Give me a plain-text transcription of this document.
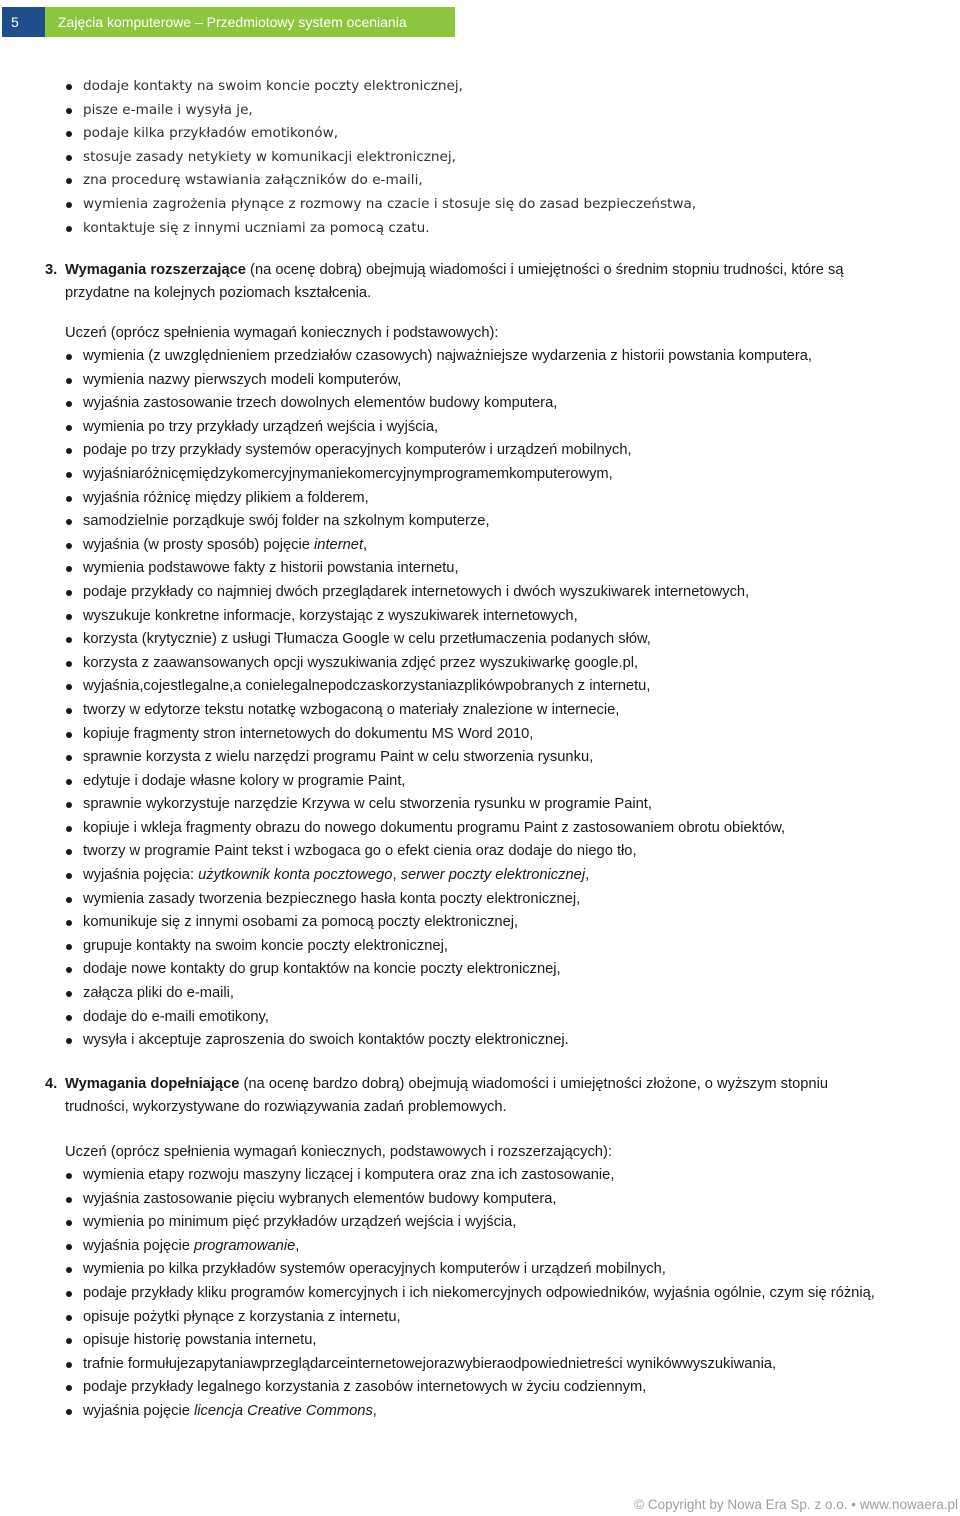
5	Zajęcia komputerowe – Przedmiotowy system oceniania
dodaje kontakty na swoim koncie poczty elektronicznej,
pisze e-maile i wysyła je,
podaje kilka przykładów emotikonów,
stosuje zasady netykiety w komunikacji elektronicznej,
zna procedurę wstawiania załączników do e-maili,
wymienia zagrożenia płynące z rozmowy na czacie i stosuje się do zasad bezpieczeństwa,
kontaktuje się z innymi uczniami za pomocą czatu.
3. Wymagania rozszerzające (na ocenę dobrą) obejmują wiadomości i umiejętności o średnim stopniu trudności, które są
przydatne na kolejnych poziomach kształcenia.
Uczeń (oprócz spełnienia wymagań koniecznych i podstawowych):
wymienia (z uwzględnieniem przedziałów czasowych) najważniejsze wydarzenia z historii powstania komputera,
wymienia nazwy pierwszych modeli komputerów,
wyjaśnia zastosowanie trzech dowolnych elementów budowy komputera,
wymienia po trzy przykłady urządzeń wejścia i wyjścia,
podaje po trzy przykłady systemów operacyjnych komputerów i urządzeń mobilnych,
wyjaśniaróżnicęmiędzykomercyjnymaniekomercyjnymprogramemkomputerowym,
wyjaśnia różnicę między plikiem a folderem,
samodzielnie porządkuje swój folder na szkolnym komputerze,
wyjaśnia (w prosty sposób) pojęcie internet,
wymienia podstawowe fakty z historii powstania internetu,
podaje przykłady co najmniej dwóch przeglądarek internetowych i dwóch wyszukiwarek internetowych,
wyszukuje konkretne informacje, korzystając z wyszukiwarek internetowych,
korzysta (krytycznie) z usługi Tłumacza Google w celu przetłumaczenia podanych słów,
korzysta z zaawansowanych opcji wyszukiwania zdjęć przez wyszukiwarkę google.pl,
wyjaśnia,cojestlegalne,a conielegalnepodczaskorzystaniazplikówpobranych z internetu,
tworzy w edytorze tekstu notatkę wzbogaconą o materiały znalezione w internecie,
kopiuje fragmenty stron internetowych do dokumentu MS Word 2010,
sprawnie korzysta z wielu narzędzi programu Paint w celu stworzenia rysunku,
edytuje i dodaje własne kolory w programie Paint,
sprawnie wykorzystuje narzędzie Krzywa w celu stworzenia rysunku w programie Paint,
kopiuje i wkleja fragmenty obrazu do nowego dokumentu programu Paint z zastosowaniem obrotu obiektów,
tworzy w programie Paint tekst i wzbogaca go o efekt cienia oraz dodaje do niego tło,
wyjaśnia pojęcia: użytkownik konta pocztowego, serwer poczty elektronicznej,
wymienia zasady tworzenia bezpiecznego hasła konta poczty elektronicznej,
komunikuje się z innymi osobami za pomocą poczty elektronicznej,
grupuje kontakty na swoim koncie poczty elektronicznej,
dodaje nowe kontakty do grup kontaktów na koncie poczty elektronicznej,
załącza pliki do e-maili,
dodaje do e-maili emotikony,
wysyła i akceptuje zaproszenia do swoich kontaktów poczty elektronicznej.
4. Wymagania dopełniające (na ocenę bardzo dobrą) obejmują wiadomości i umiejętności złożone, o wyższym stopniu
trudności, wykorzystywane do rozwiązywania zadań problemowych.
Uczeń (oprócz spełnienia wymagań koniecznych, podstawowych i rozszerzających):
wymienia etapy rozwoju maszyny liczącej i komputera oraz zna ich zastosowanie,
wyjaśnia zastosowanie pięciu wybranych elementów budowy komputera,
wymienia po minimum pięć przykładów urządzeń wejścia i wyjścia,
wyjaśnia pojęcie programowanie,
wymienia po kilka przykładów systemów operacyjnych komputerów i urządzeń mobilnych,
podaje przykłady kliku programów komercyjnych i ich niekomercyjnych odpowiedników, wyjaśnia ogólnie, czym się różnią,
opisuje pożytki płynące z korzystania z internetu,
opisuje historię powstania internetu,
trafnie formułujezapytaniawprzeglądarceinternetowejorazwybieraodpowiednietreści wynikówwyszukiwania,
podaje przykłady legalnego korzystania z zasobów internetowych w życiu codziennym,
wyjaśnia pojęcie licencja Creative Commons,
© Copyright by Nowa Era Sp. z o.o. • www.nowaera.pl
